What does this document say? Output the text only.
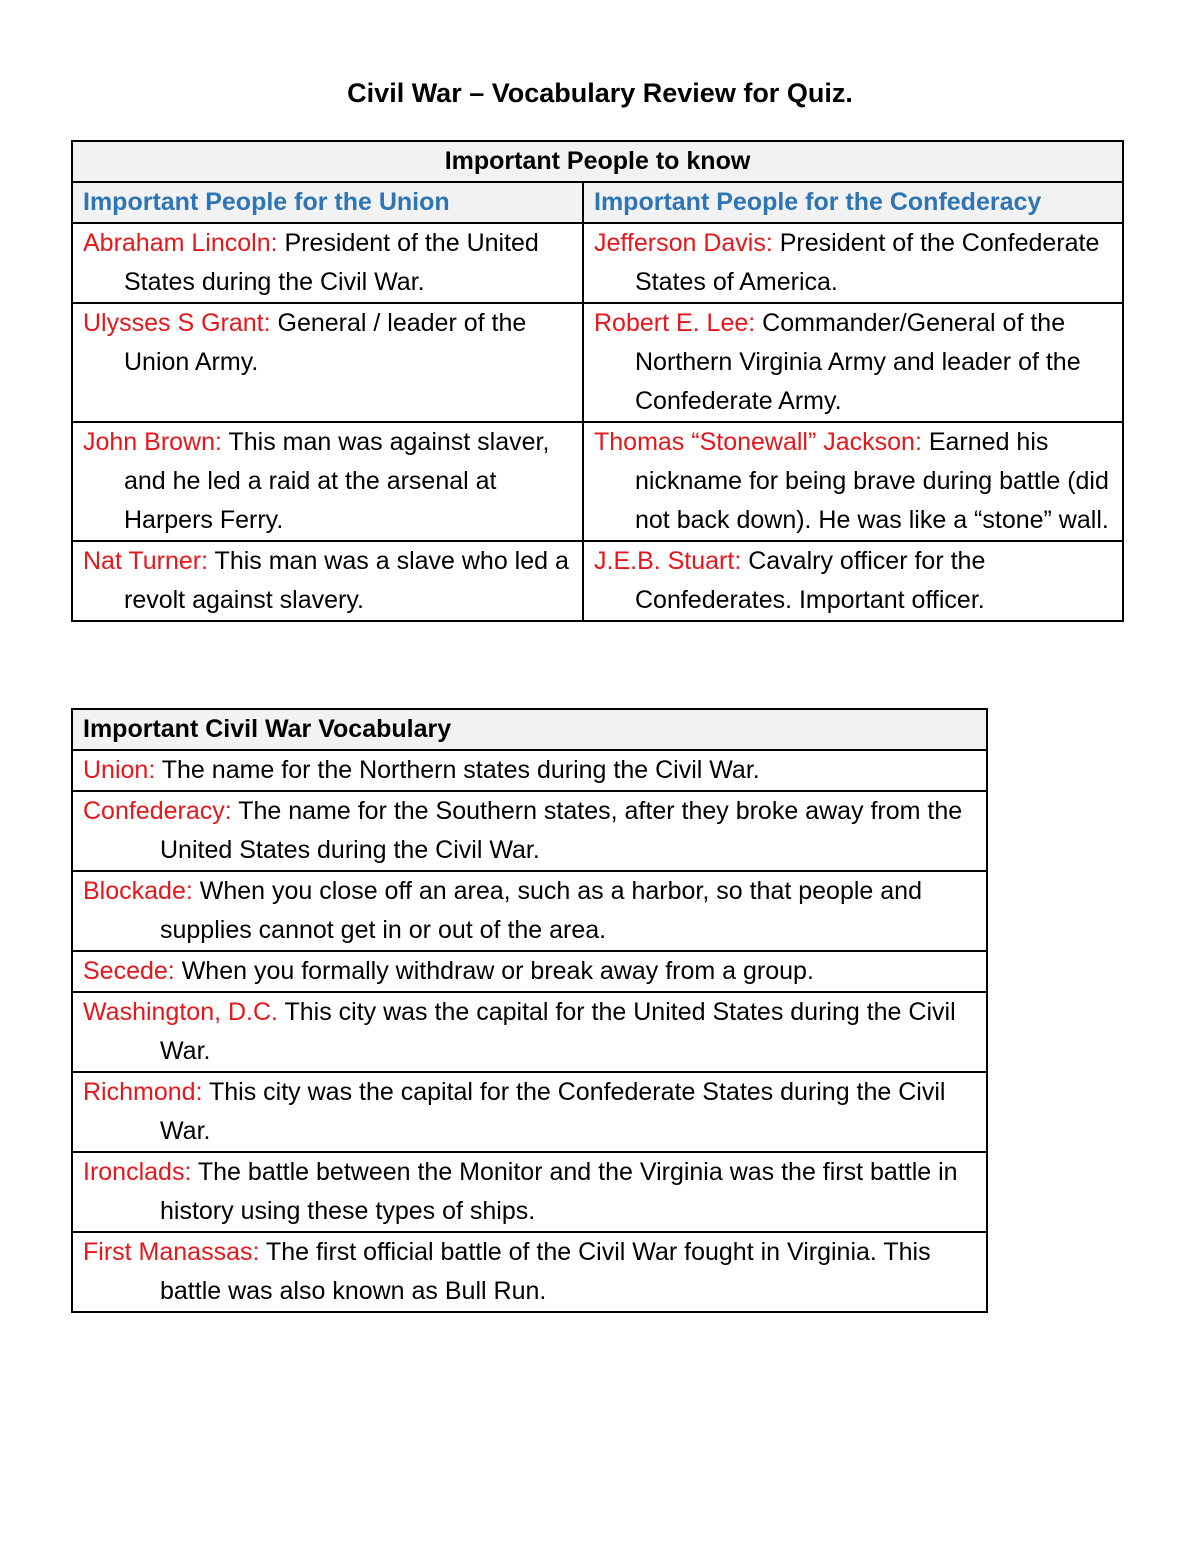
Civil War – Vocabulary Review for Quiz.
Important People to know	
Important People for the Union	Important People for the Confederacy
Abraham Lincoln: President of the United States during the Civil War.	Jefferson Davis: President of the Confederate States of America.
Ulysses S Grant: General / leader of the Union Army.	Robert E. Lee: Commander/General of the Northern Virginia Army and leader of the Confederate Army.
John Brown: This man was against slaver, and he led a raid at the arsenal at Harpers Ferry.	Thomas “Stonewall” Jackson: Earned his nickname for being brave during battle (did not back down). He was like a “stone” wall.
Nat Turner: This man was a slave who led a revolt against slavery.	J.E.B. Stuart: Cavalry officer for the Confederates. Important officer.
Important Civil War Vocabulary
Union: The name for the Northern states during the Civil War.
Confederacy: The name for the Southern states, after they broke away from the United States during the Civil War.
Blockade: When you close off an area, such as a harbor, so that people and supplies cannot get in or out of the area.
Secede: When you formally withdraw or break away from a group.
Washington, D.C. This city was the capital for the United States during the Civil War.
Richmond: This city was the capital for the Confederate States during the Civil War.
Ironclads: The battle between the Monitor and the Virginia was the first battle in history using these types of ships.
First Manassas: The first official battle of the Civil War fought in Virginia. This battle was also known as Bull Run.
